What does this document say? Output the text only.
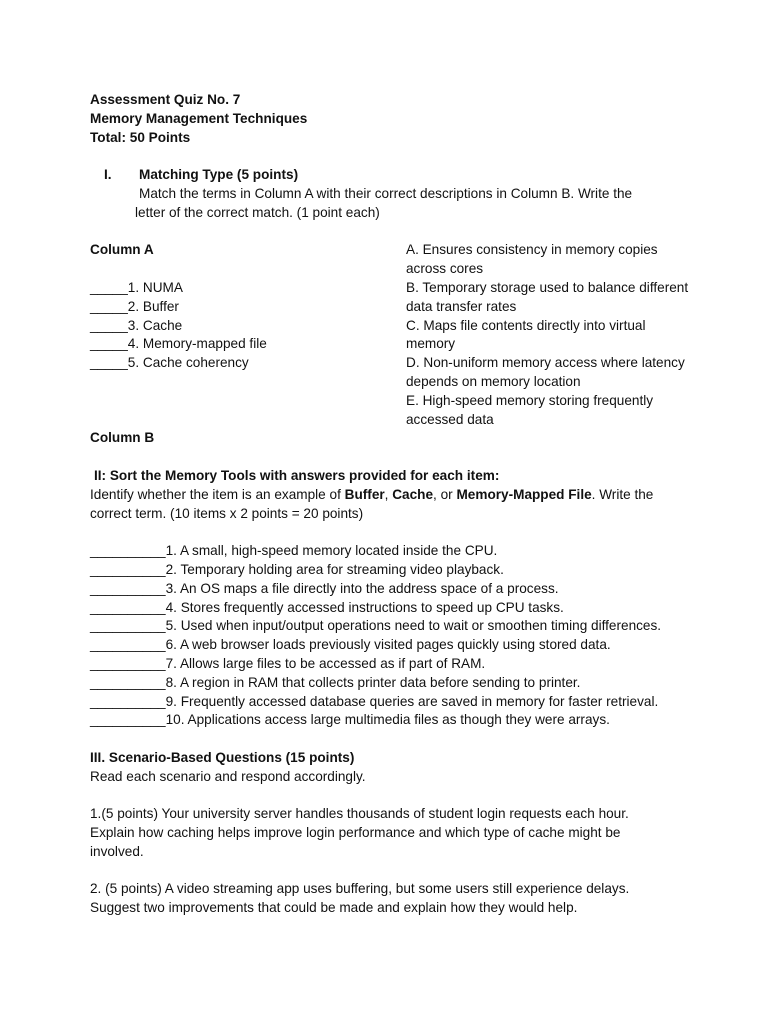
Assessment Quiz No. 7
Memory Management Techniques
Total: 50 Points
I.	Matching Type (5 points)
Match the terms in Column A with their correct descriptions in Column B. Write the
letter of the correct match. (1 point each)
Column A
_____1. NUMA
_____2. Buffer
_____3. Cache
_____4. Memory-mapped file
_____5. Cache coherency
A. Ensures consistency in memory copies across cores
B. Temporary storage used to balance different data transfer rates
C. Maps file contents directly into virtual memory
D. Non-uniform memory access where latency depends on memory location
E. High-speed memory storing frequently accessed data
Column B
II: Sort the Memory Tools with answers provided for each item:
Identify whether the item is an example of Buffer, Cache, or Memory-Mapped File. Write the correct term. (10 items x 2 points = 20 points)
__________1. A small, high-speed memory located inside the CPU.
__________2. Temporary holding area for streaming video playback.
__________3. An OS maps a file directly into the address space of a process.
__________4. Stores frequently accessed instructions to speed up CPU tasks.
__________5. Used when input/output operations need to wait or smoothen timing differences.
__________6. A web browser loads previously visited pages quickly using stored data.
__________7. Allows large files to be accessed as if part of RAM.
__________8. A region in RAM that collects printer data before sending to printer.
__________9. Frequently accessed database queries are saved in memory for faster retrieval.
__________10. Applications access large multimedia files as though they were arrays.
III. Scenario-Based Questions (15 points)
Read each scenario and respond accordingly.
1.(5 points) Your university server handles thousands of student login requests each hour.
Explain how caching helps improve login performance and which type of cache might be
involved.
2. (5 points) A video streaming app uses buffering, but some users still experience delays.
Suggest two improvements that could be made and explain how they would help.
